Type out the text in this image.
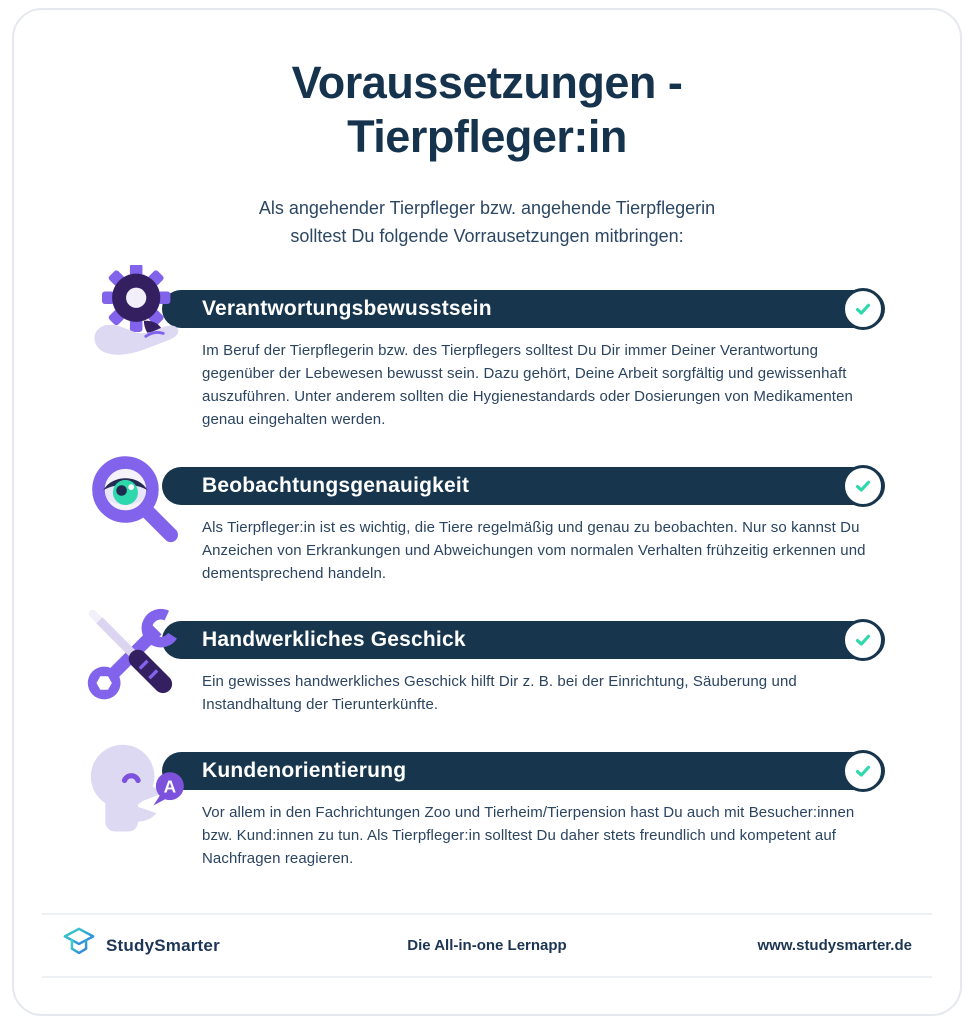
Voraussetzungen -
Tierpfleger:in
Als angehender Tierpfleger bzw. angehende Tierpflegerin
solltest Du folgende Vorrausetzungen mitbringen:
Verantwortungsbewusstsein
Im Beruf der Tierpflegerin bzw. des Tierpflegers solltest Du Dir immer Deiner Verantwortung gegenüber der Lebewesen bewusst sein. Dazu gehört, Deine Arbeit sorgfältig und gewissenhaft auszuführen. Unter anderem sollten die Hygienestandards oder Dosierungen von Medikamenten genau eingehalten werden.
Beobachtungsgenauigkeit
Als Tierpfleger:in ist es wichtig, die Tiere regelmäßig und genau zu beobachten. Nur so kannst Du Anzeichen von Erkrankungen und Abweichungen vom normalen Verhalten frühzeitig erkennen und dementsprechend handeln.
Handwerkliches Geschick
Ein gewisses handwerkliches Geschick hilft Dir z. B. bei der Einrichtung, Säuberung und Instandhaltung der Tierunterkünfte.
A
Kundenorientierung
Vor allem in den Fachrichtungen Zoo und Tierheim/Tierpension hast Du auch mit Besucher:innen bzw. Kund:innen zu tun. Als Tierpfleger:in solltest Du daher stets freundlich und kompetent auf Nachfragen reagieren.
StudySmarter	Die All-in-one Lernapp	www.studysmarter.de
